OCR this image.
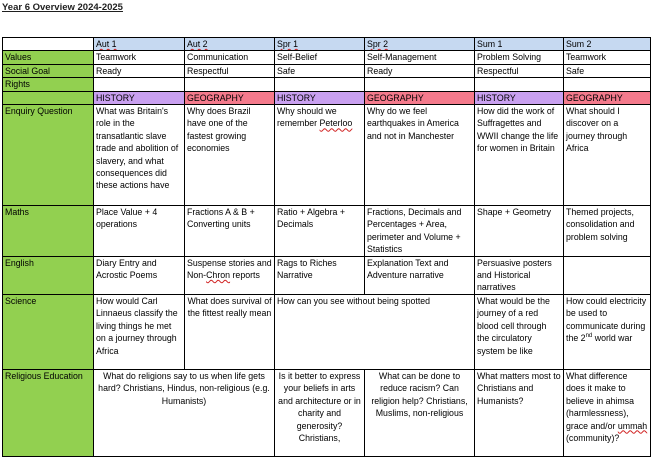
Year 6 Overview 2024-2025
	Aut 1	Aut 2	Spr 1	Spr 2	Sum 1	Sum 2
Values	Teamwork	Communication	Self-Belief	Self-Management	Problem Solving	Teamwork
Social Goal	Ready	Respectful	Safe	Ready	Respectful	Safe
Rights						
	HISTORY	GEOGRAPHY	HISTORY	GEOGRAPHY	HISTORY	GEOGRAPHY
Enquiry Question	What was Britain's role in the transatlantic slave trade and abolition of slavery, and what consequences did these actions have	Why does Brazil have one of the fastest growing economies	Why should we remember Peterloo	Why do we feel earthquakes in America and not in Manchester	How did the work of Suffragettes and WWII change the life for women in Britain	What should I discover on a journey through Africa
Maths	Place Value + 4 operations	Fractions A & B + Converting units	Ratio + Algebra + Decimals	Fractions, Decimals and Percentages + Area, perimeter and Volume + Statistics	Shape + Geometry	Themed projects, consolidation and problem solving
English	Diary Entry and Acrostic Poems	Suspense stories and Non-Chron reports	Rags to Riches Narrative	Explanation Text and Adventure narrative	Persuasive posters and Historical narratives	
Science	How would Carl Linnaeus classify the living things he met on a journey through Africa	What does survival of the fittest really mean	How can you see without being spotted		What would be the journey of a red blood cell through the circulatory system be like	How could electricity be used to communicate during the 2nd world war
Religious Education	What do religions say to us when life gets hard? Christians, Hindus, non-religious (e.g. Humanists)		Is it better to express your beliefs in arts and architecture or in charity and generosity? Christians,	What can be done to reduce racism? Can religion help? Christians, Muslims, non-religious	What matters most to Christians and Humanists?	What difference does it make to believe in ahimsa (harmlessness), grace and/or ummah (community)?
